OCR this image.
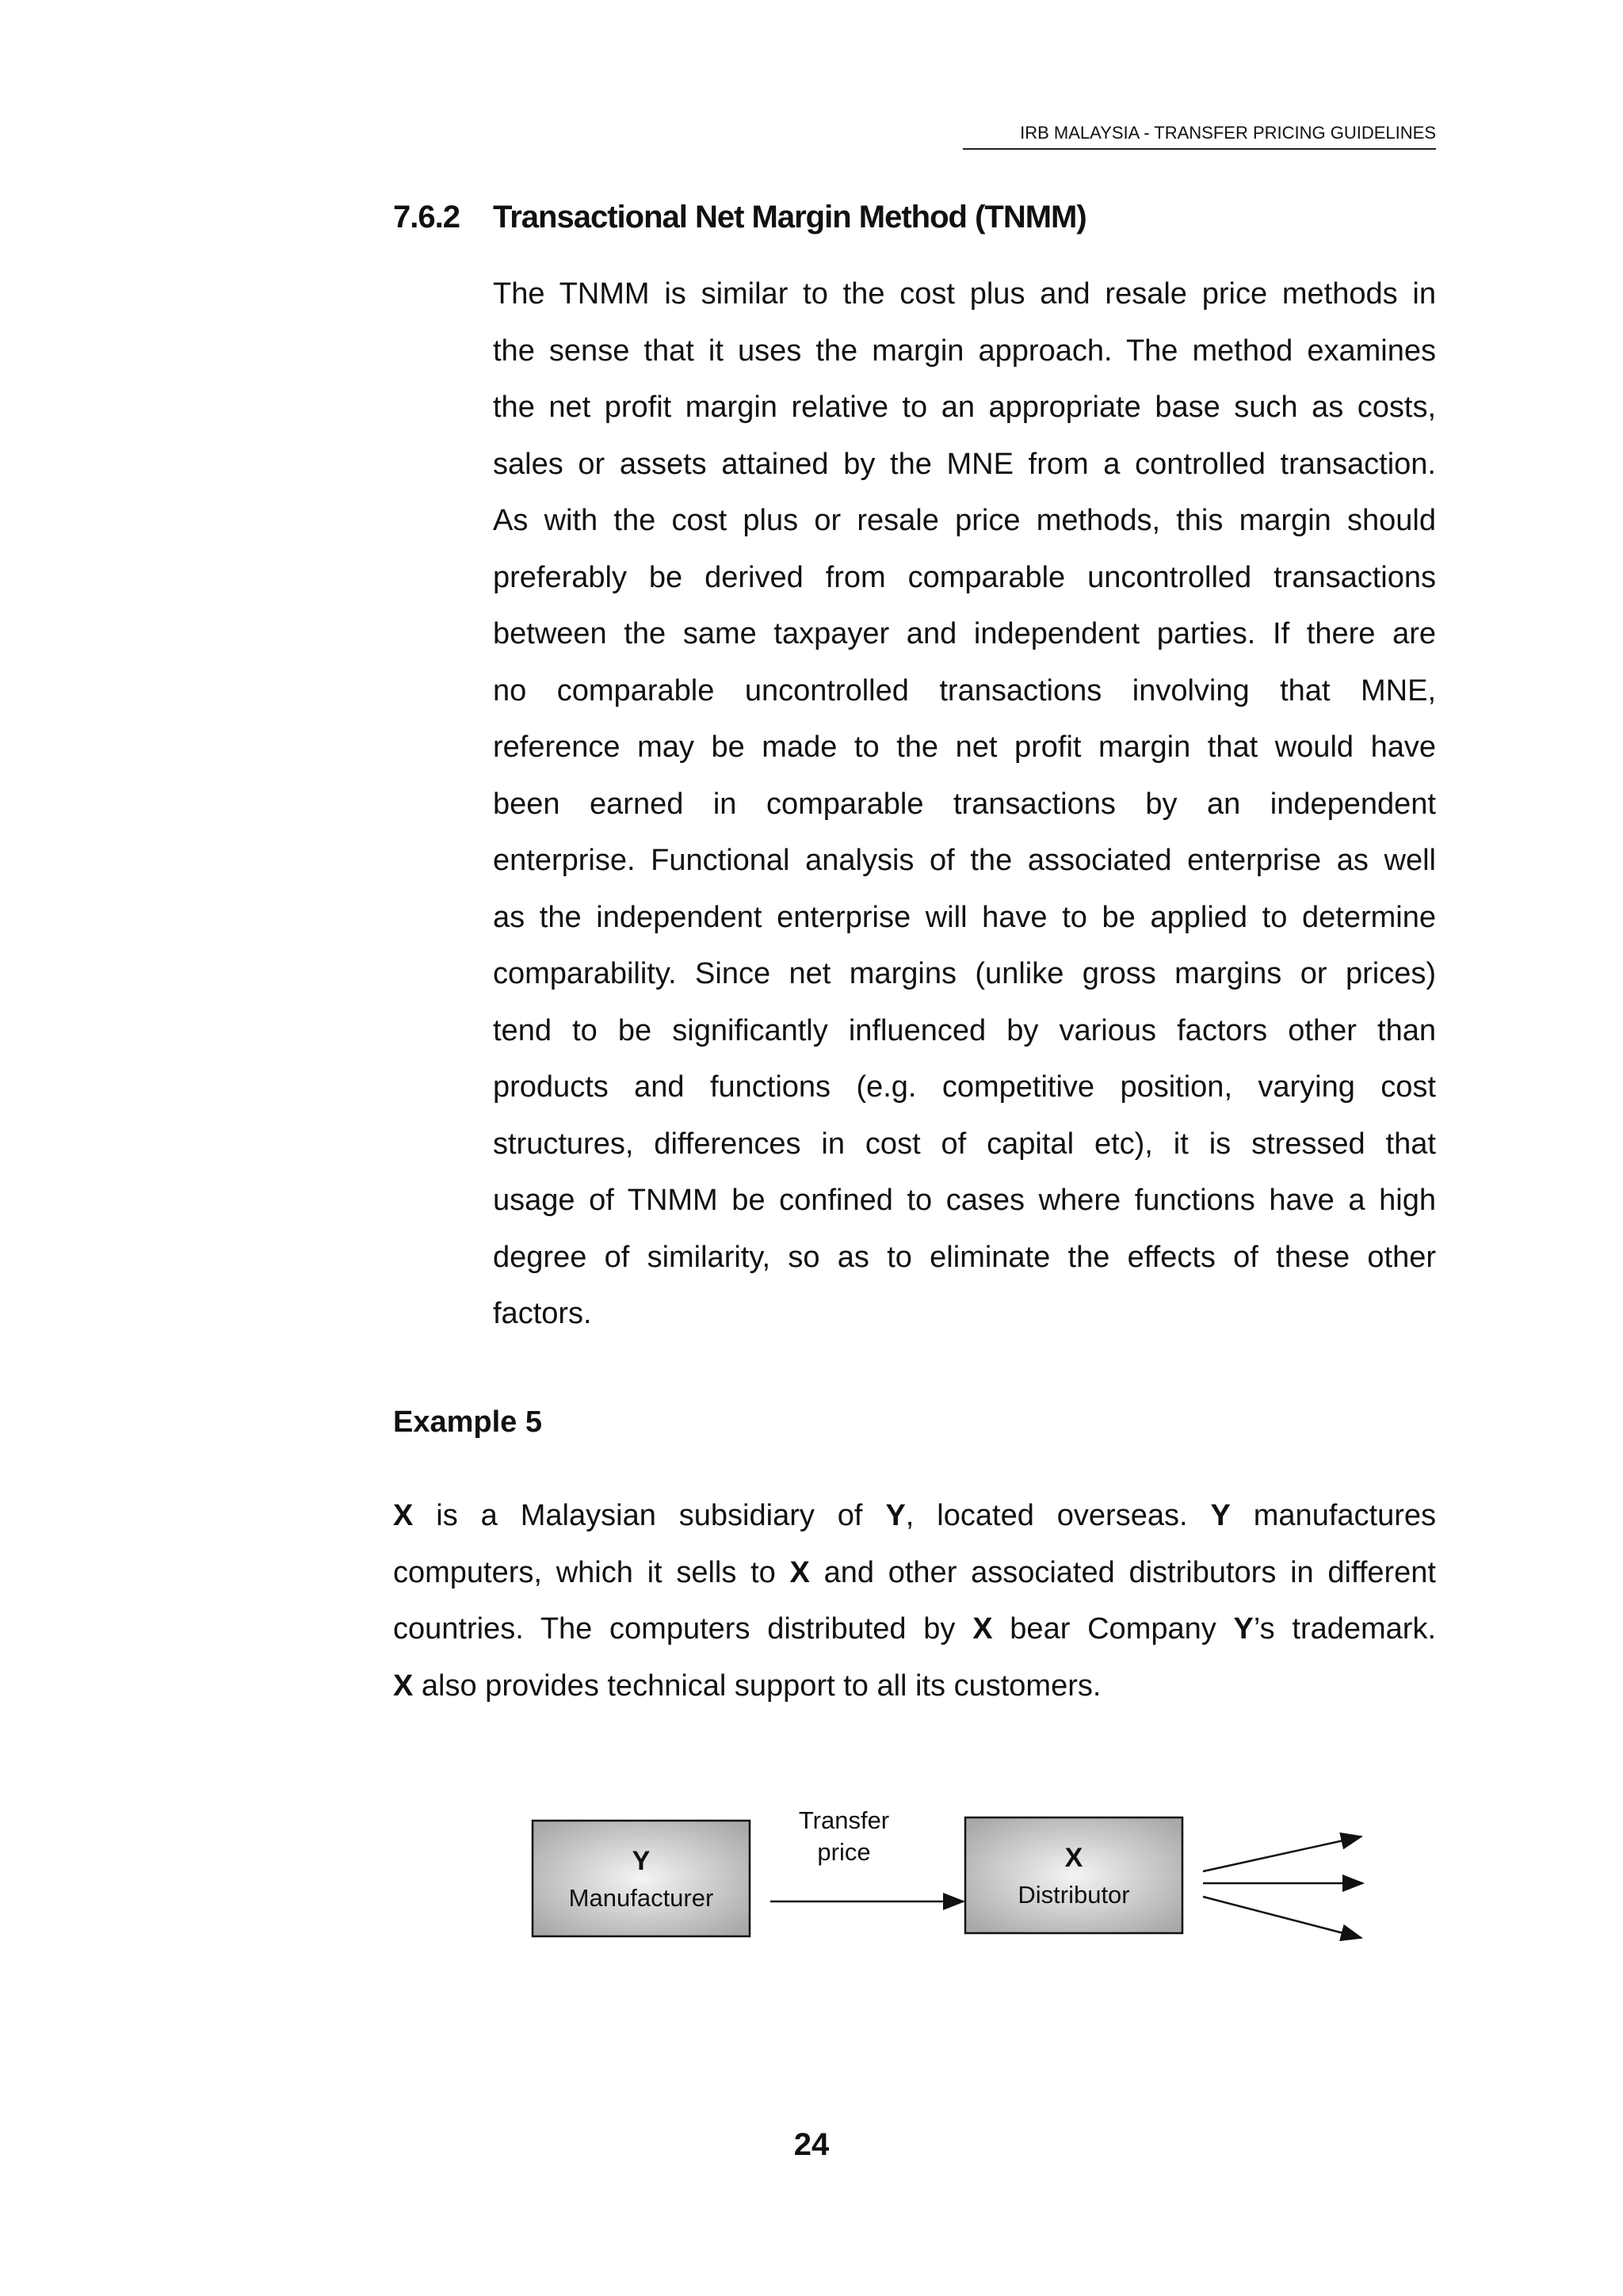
IRB MALAYSIA - TRANSFER PRICING GUIDELINES
7.6.2 Transactional Net Margin Method (TNMM)
The TNMM is similar to the cost plus and resale price methods in
the sense that it uses the margin approach. The method examines
the net profit margin relative to an appropriate base such as costs,
sales or assets attained by the MNE from a controlled transaction.
As with the cost plus or resale price methods, this margin should
preferably be derived from comparable uncontrolled transactions
between the same taxpayer and independent parties. If there are
no comparable uncontrolled transactions involving that MNE,
reference may be made to the net profit margin that would have
been earned in comparable transactions by an independent
enterprise. Functional analysis of the associated enterprise as well
as the independent enterprise will have to be applied to determine
comparability. Since net margins (unlike gross margins or prices)
tend to be significantly influenced by various factors other than
products and functions (e.g. competitive position, varying cost
structures, differences in cost of capital etc), it is stressed that
usage of TNMM be confined to cases where functions have a high
degree of similarity, so as to eliminate the effects of these other
factors.
Example 5
X is a Malaysian subsidiary of Y, located overseas. Y manufactures
computers, which it sells to X and other associated distributors in different
countries. The computers distributed by X bear Company Y’s trademark.
X also provides technical support to all its customers.
Y
Manufacturer
Transfer
price	X
Distributor
24
